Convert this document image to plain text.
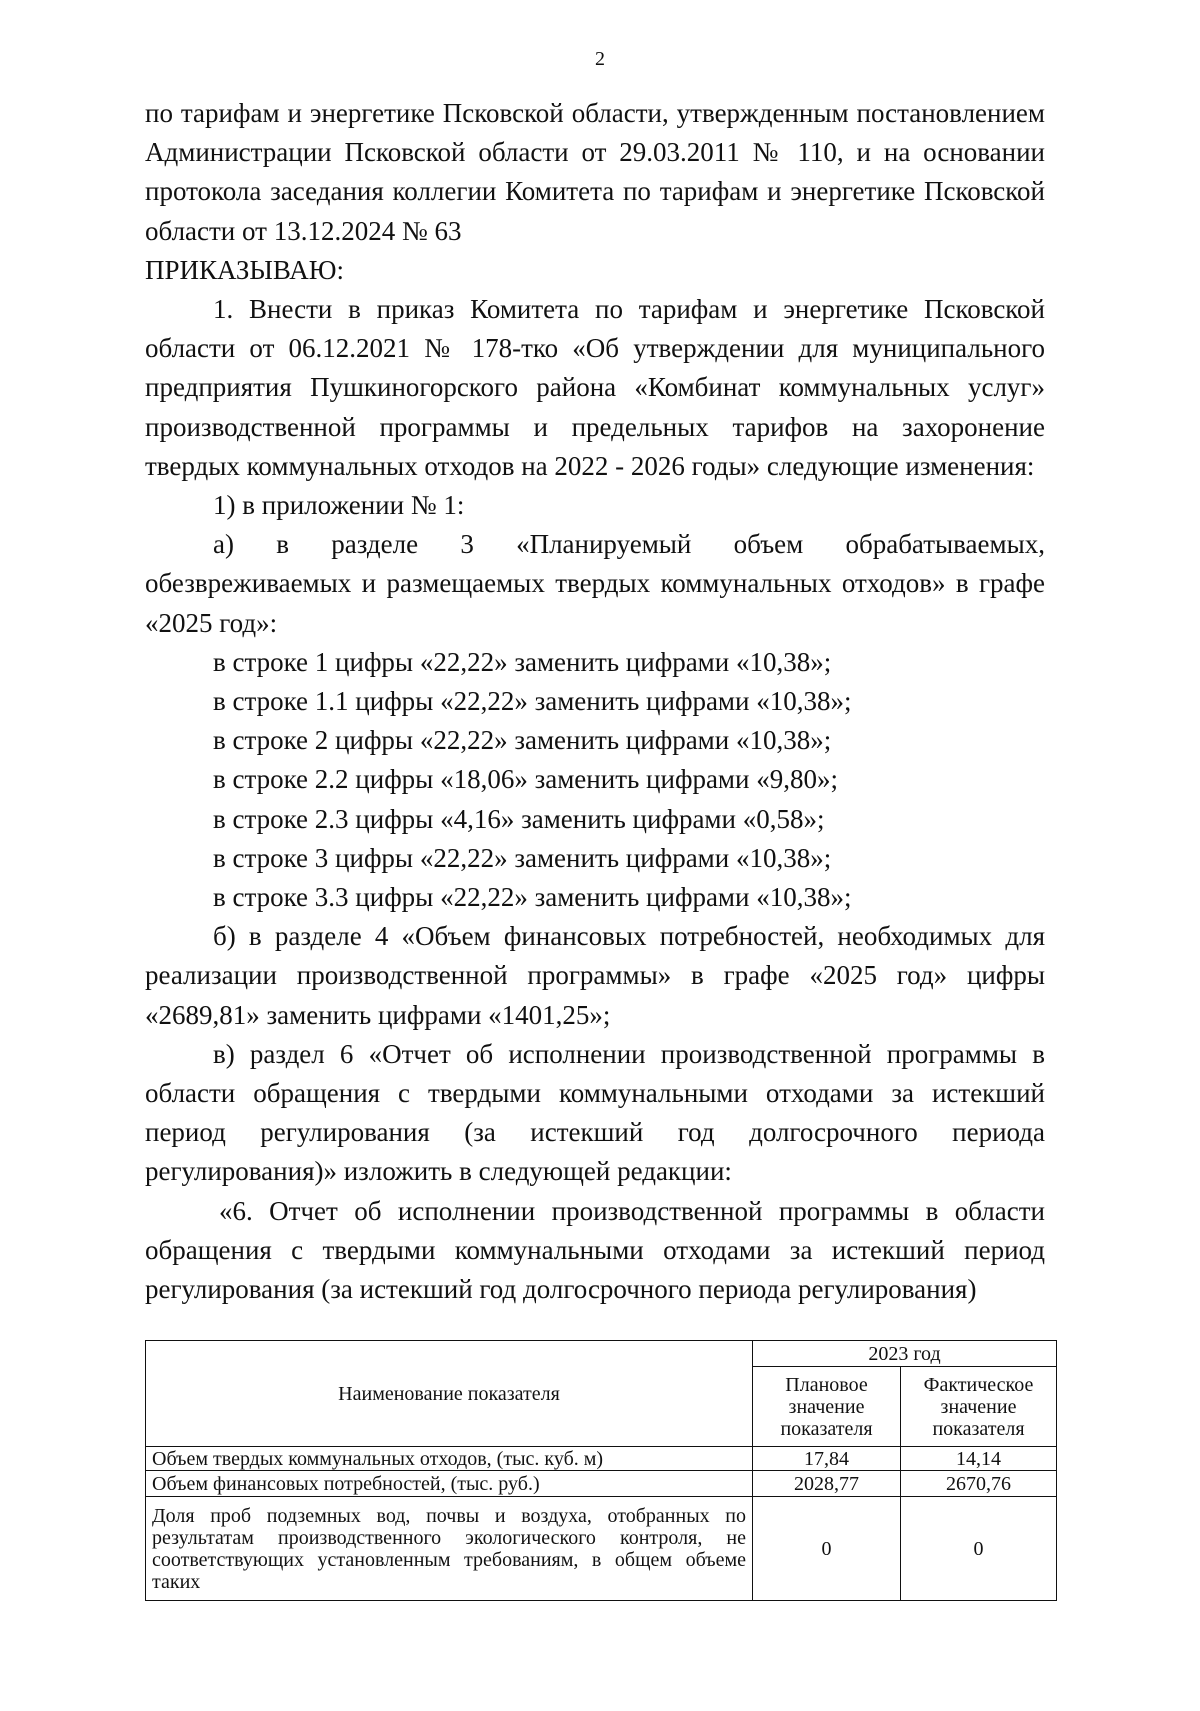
2

по тарифам и энергетике Псковской области, утвержденным постановлением Администрации Псковской области от 29.03.2011 № 110, и на основании протокола заседания коллегии Комитета по тарифам и энергетике Псковской области от 13.12.2024 № 63

ПРИКАЗЫВАЮ:

1. Внести в приказ Комитета по тарифам и энергетике Псковской области от 06.12.2021 № 178-тко «Об утверждении для муниципального предприятия Пушкиногорского района «Комбинат коммунальных услуг» производственной программы и предельных тарифов на захоронение твердых коммунальных отходов на 2022 - 2026 годы» следующие изменения:

1) в приложении № 1:

а) в разделе 3 «Планируемый объем обрабатываемых, обезвреживаемых и размещаемых твердых коммунальных отходов» в графе «2025 год»:

в строке 1 цифры «22,22» заменить цифрами «10,38»;

в строке 1.1 цифры «22,22» заменить цифрами «10,38»;

в строке 2 цифры «22,22» заменить цифрами «10,38»;

в строке 2.2 цифры «18,06» заменить цифрами «9,80»;

в строке 2.3 цифры «4,16» заменить цифрами «0,58»;

в строке 3 цифры «22,22» заменить цифрами «10,38»;

в строке 3.3 цифры «22,22» заменить цифрами «10,38»;

б) в разделе 4 «Объем финансовых потребностей, необходимых для реализации производственной программы» в графе «2025 год» цифры «2689,81» заменить цифрами «1401,25»;

в) раздел 6 «Отчет об исполнении производственной программы в области обращения с твердыми коммунальными отходами за истекший период регулирования (за истекший год долгосрочного периода регулирования)» изложить в следующей редакции:

«6. Отчет об исполнении производственной программы в области обращения с твердыми коммунальными отходами за истекший период регулирования (за истекший год долгосрочного периода регулирования)

Наименование показателя	2023 год	
	Плановое значение показателя	Фактическое значение показателя
Объем твердых коммунальных отходов, (тыс. куб. м)	17,84	14,14
Объем финансовых потребностей, (тыс. руб.)	2028,77	2670,76
Доля проб подземных вод, почвы и воздуха, отобранных по результатам производственного экологического контроля, не соответствующих установленным требованиям, в общем объеме таких	0	0
